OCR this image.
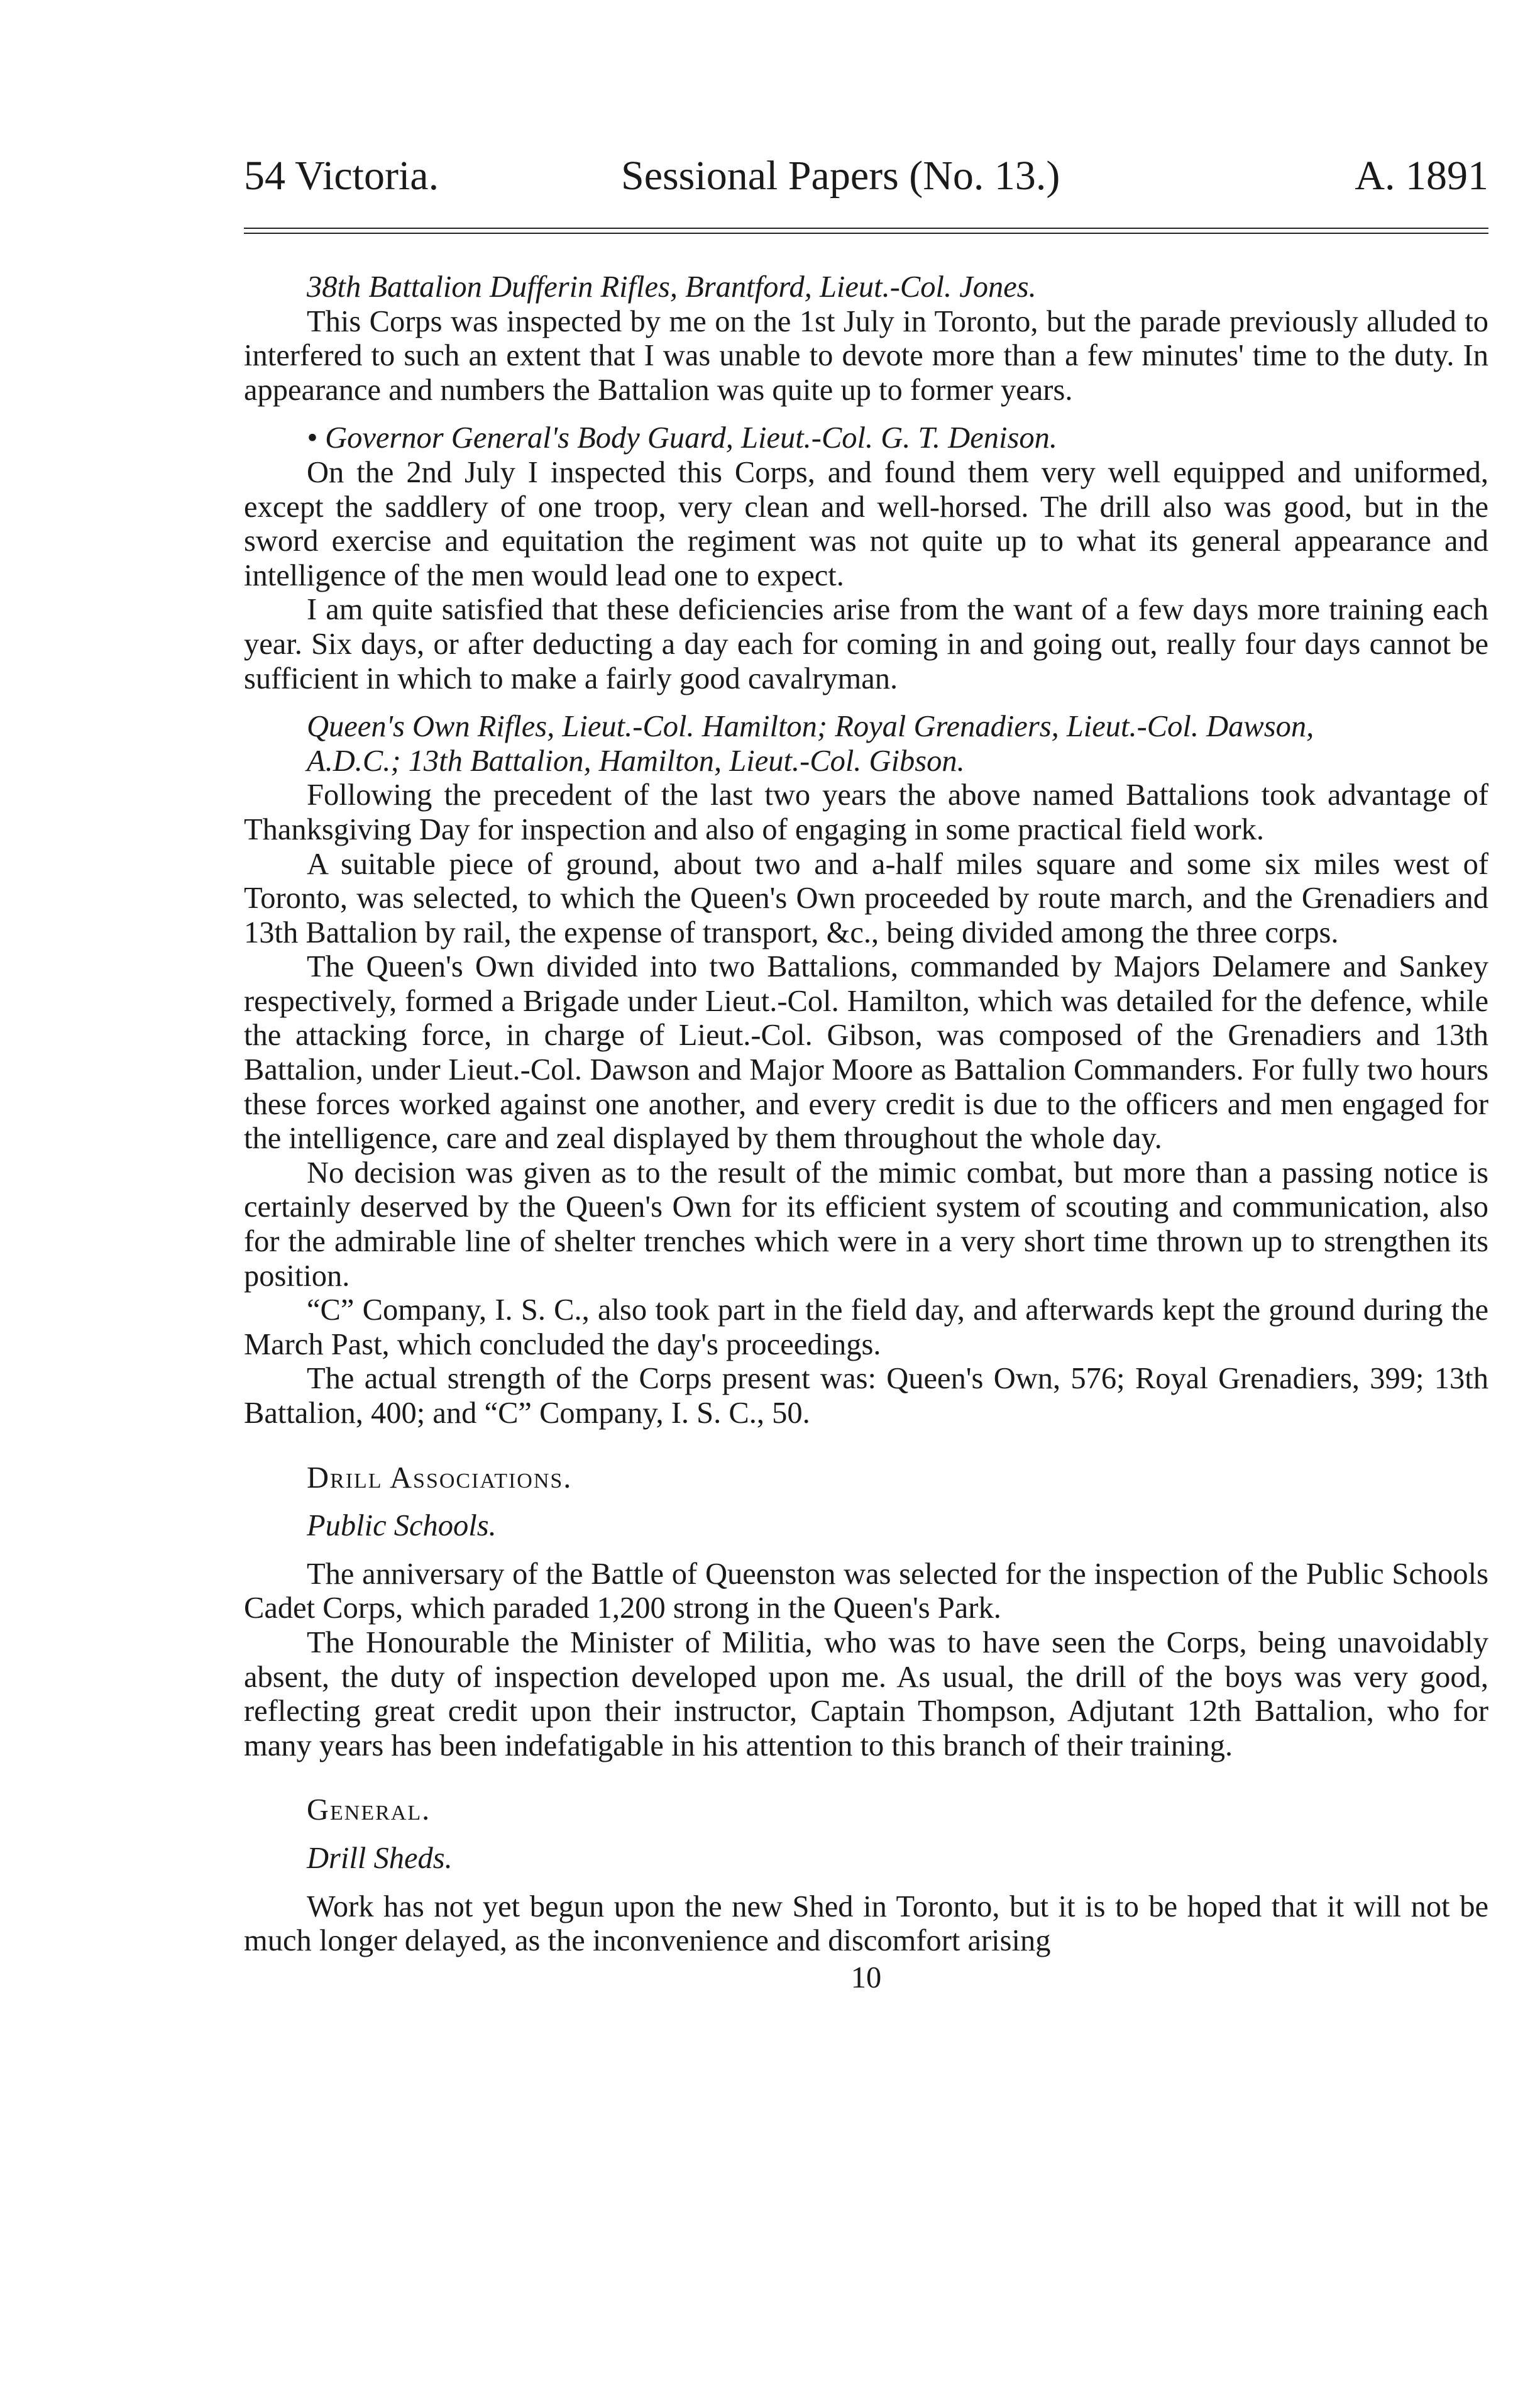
54 Victoria.	Sessional Papers (No. 13.)	A. 1891

38th Battalion Dufferin Rifles, Brantford, Lieut.-Col. Jones.

This Corps was inspected by me on the 1st July in Toronto, but the parade previously alluded to interfered to such an extent that I was unable to devote more than a few minutes' time to the duty. In appearance and numbers the Battalion was quite up to former years.

• Governor General's Body Guard, Lieut.-Col. G. T. Denison.

On the 2nd July I inspected this Corps, and found them very well equipped and uniformed, except the saddlery of one troop, very clean and well-horsed. The drill also was good, but in the sword exercise and equitation the regiment was not quite up to what its general appearance and intelligence of the men would lead one to expect.

I am quite satisfied that these deficiencies arise from the want of a few days more training each year. Six days, or after deducting a day each for coming in and going out, really four days cannot be sufficient in which to make a fairly good cavalryman.

Queen's Own Rifles, Lieut.-Col. Hamilton; Royal Grenadiers, Lieut.-Col. Dawson,

A.D.C.; 13th Battalion, Hamilton, Lieut.-Col. Gibson.

Following the precedent of the last two years the above named Battalions took advantage of Thanksgiving Day for inspection and also of engaging in some practical field work.

A suitable piece of ground, about two and a-half miles square and some six miles west of Toronto, was selected, to which the Queen's Own proceeded by route march, and the Grenadiers and 13th Battalion by rail, the expense of transport, &c., being divided among the three corps.

The Queen's Own divided into two Battalions, commanded by Majors Delamere and Sankey respectively, formed a Brigade under Lieut.-Col. Hamilton, which was detailed for the defence, while the attacking force, in charge of Lieut.-Col. Gibson, was composed of the Grenadiers and 13th Battalion, under Lieut.-Col. Dawson and Major Moore as Battalion Commanders. For fully two hours these forces worked against one another, and every credit is due to the officers and men engaged for the intelligence, care and zeal displayed by them throughout the whole day.

No decision was given as to the result of the mimic combat, but more than a passing notice is certainly deserved by the Queen's Own for its efficient system of scouting and communication, also for the admirable line of shelter trenches which were in a very short time thrown up to strengthen its position.

“C” Company, I. S. C., also took part in the field day, and afterwards kept the ground during the March Past, which concluded the day's proceedings.

The actual strength of the Corps present was: Queen's Own, 576; Royal Grenadiers, 399; 13th Battalion, 400; and “C” Company, I. S. C., 50.

Drill Associations.

Public Schools.

The anniversary of the Battle of Queenston was selected for the inspection of the Public Schools Cadet Corps, which paraded 1,200 strong in the Queen's Park.

The Honourable the Minister of Militia, who was to have seen the Corps, being unavoidably absent, the duty of inspection developed upon me. As usual, the drill of the boys was very good, reflecting great credit upon their instructor, Captain Thompson, Adjutant 12th Battalion, who for many years has been indefatigable in his attention to this branch of their training.

General.

Drill Sheds.

Work has not yet begun upon the new Shed in Toronto, but it is to be hoped that it will not be much longer delayed, as the inconvenience and discomfort arising

10
